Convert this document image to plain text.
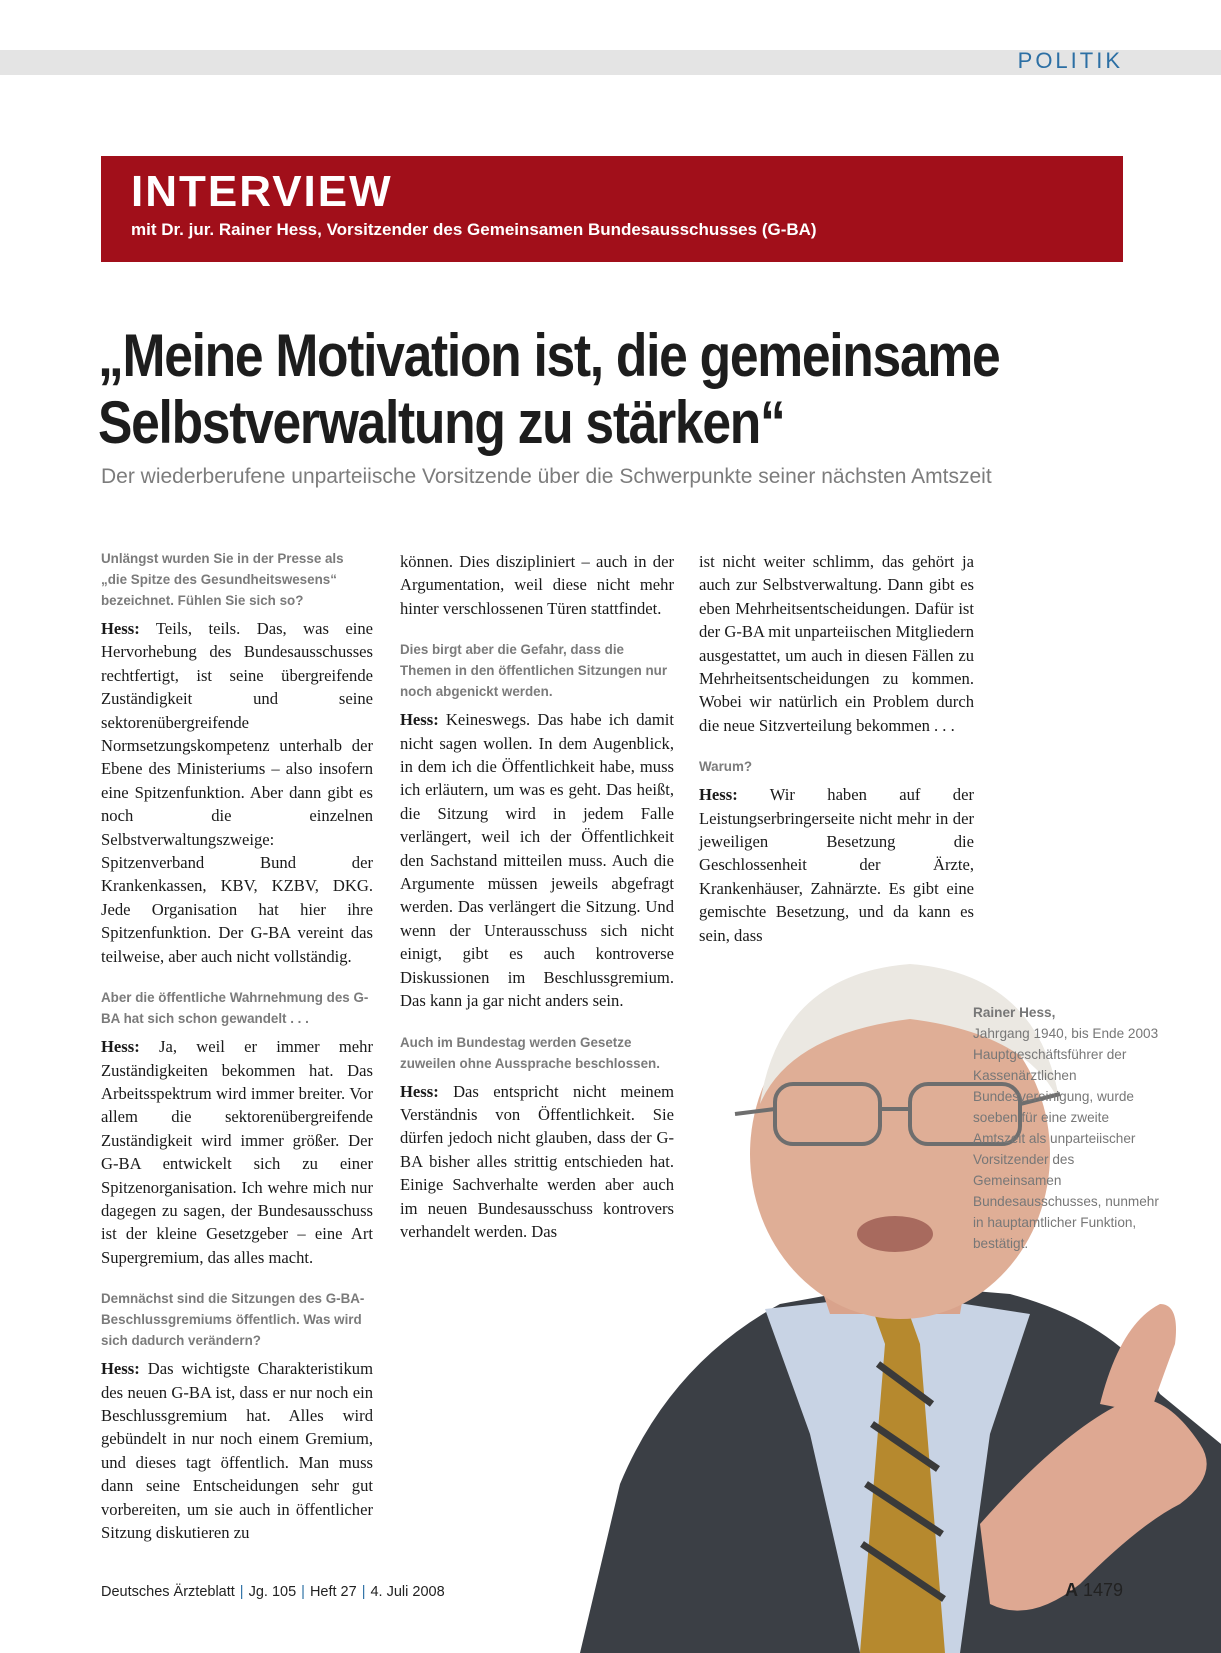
POLITIK
INTERVIEW
mit Dr. jur. Rainer Hess, Vorsitzender des Gemeinsamen Bundesausschusses (G-BA)
„Meine Motivation ist, die gemeinsame
Selbstverwaltung zu stärken“
Der wiederberufene unparteiische Vorsitzende über die Schwerpunkte seiner nächsten Amtszeit

Unlängst wurden Sie in der Presse als „die Spitze des Gesundheitswesens“ bezeichnet. Fühlen Sie sich so?

Hess: Teils, teils. Das, was eine Hervorhebung des Bundesausschusses rechtfertigt, ist seine übergreifende Zuständigkeit und seine sektorenübergreifende Normsetzungskompetenz unterhalb der Ebene des Ministeriums – also insofern eine Spitzenfunktion. Aber dann gibt es noch die einzelnen Selbstverwaltungszweige: Spitzenverband Bund der Krankenkassen, KBV, KZBV, DKG. Jede Organisation hat hier ihre Spitzenfunktion. Der G-BA vereint das teilweise, aber auch nicht vollständig.

Aber die öffentliche Wahrnehmung des G-BA hat sich schon gewandelt . . .

Hess: Ja, weil er immer mehr Zuständigkeiten bekommen hat. Das Arbeitsspektrum wird immer breiter. Vor allem die sektorenübergreifende Zuständigkeit wird immer größer. Der G-BA entwickelt sich zu einer Spitzenorganisation. Ich wehre mich nur dagegen zu sagen, der Bundesausschuss ist der kleine Gesetzgeber – eine Art Supergremium, das alles macht.

Demnächst sind die Sitzungen des G-BA-Beschlussgremiums öffentlich. Was wird sich dadurch verändern?

Hess: Das wichtigste Charakteristikum des neuen G-BA ist, dass er nur noch ein Beschlussgremium hat. Alles wird gebündelt in nur noch einem Gremium, und dieses tagt öffentlich. Man muss dann seine Entscheidungen sehr gut vorbereiten, um sie auch in öffentlicher Sitzung diskutieren zu

können. Dies diszipliniert – auch in der Argumentation, weil diese nicht mehr hinter verschlossenen Türen stattfindet.

Dies birgt aber die Gefahr, dass die Themen in den öffentlichen Sitzungen nur noch abgenickt werden.

Hess: Keineswegs. Das habe ich damit nicht sagen wollen. In dem Augenblick, in dem ich die Öffentlichkeit habe, muss ich erläutern, um was es geht. Das heißt, die Sitzung wird in jedem Falle verlängert, weil ich der Öffentlichkeit den Sachstand mitteilen muss. Auch die Argumente müssen jeweils abgefragt werden. Das verlängert die Sitzung. Und wenn der Unterausschuss sich nicht einigt, gibt es auch kontroverse Diskussionen im Beschlussgremium. Das kann ja gar nicht anders sein.

Auch im Bundestag werden Gesetze zuweilen ohne Aussprache beschlossen.

Hess: Das entspricht nicht meinem Verständnis von Öffentlichkeit. Sie dürfen jedoch nicht glauben, dass der G-BA bisher alles strittig entschieden hat. Einige Sachverhalte werden aber auch im neuen Bundesausschuss kontrovers verhandelt werden. Das

ist nicht weiter schlimm, das gehört ja auch zur Selbstverwaltung. Dann gibt es eben Mehrheitsentscheidungen. Dafür ist der G-BA mit unparteiischen Mitgliedern ausgestattet, um auch in diesen Fällen zu Mehrheitsentscheidungen zu kommen. Wobei wir natürlich ein Problem durch die neue Sitzverteilung bekommen . . .

Warum?

Hess: Wir haben auf der Leistungserbringerseite nicht mehr in der jeweiligen Besetzung die Geschlossenheit der Ärzte, Krankenhäuser, Zahnärzte. Es gibt eine gemischte Besetzung, und da kann es sein, dass

Rainer Hess,
Jahrgang 1940, bis Ende 2003 Hauptgeschäftsführer der Kassenärztlichen Bundesvereinigung, wurde soeben für eine zweite Amtszeit als unparteiischer Vorsitzender des Gemeinsamen Bundesausschusses, nunmehr in hauptamtlicher Funktion, bestätigt.
Deutsches Ärzteblatt | Jg. 105 | Heft 27 | 4. Juli 2008	A 1479
